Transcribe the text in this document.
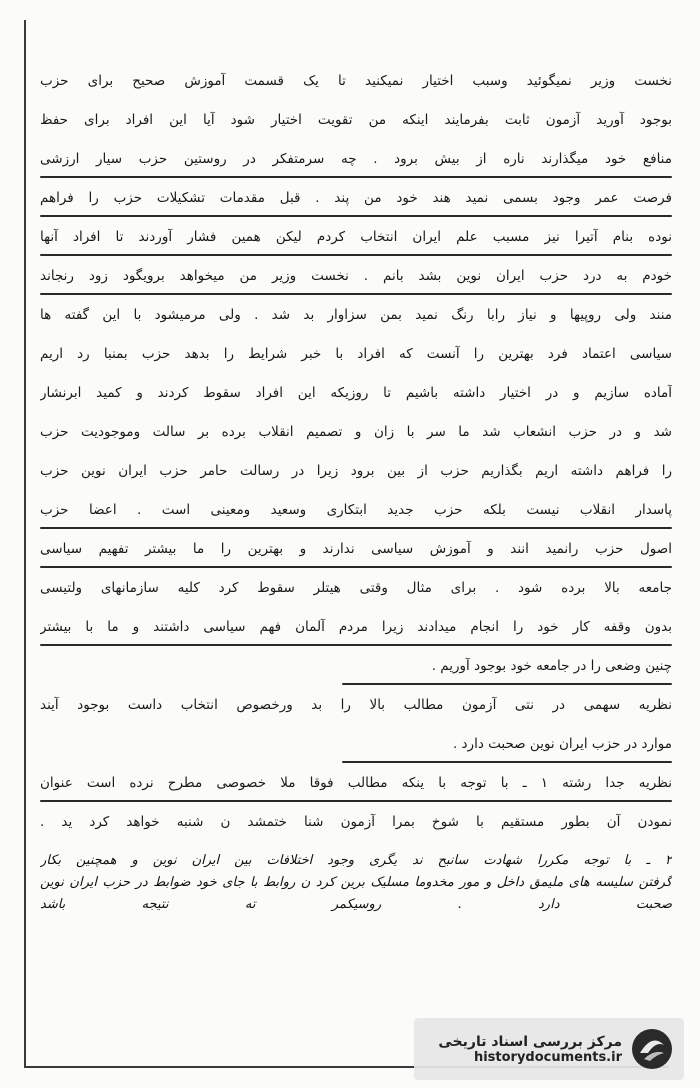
نخست وزیر نمیگوئید وسبب اختیار نمیکنید تا یک قسمت آموزش صحیح برای حزب
بوجود آورید آزمون ثابت بفرمایند اینکه من تقویت اختیار شود آیا این افراد برای حفظ
منافع خود میگذارند ناره از بیش برود . چه سرمتفکر در روستین حزب سیار ارزشی
فرصت عمر وجود بسمی نمید هند خود من پند . قبل مقدمات تشکیلات حزب را فراهم
نوده بنام آتیرا نیز مسبب علم ایران انتخاب کردم لیکن همین فشار آوردند تا افراد آنها
خودم به درد حزب ایران نوین بشد بانم . نخست وزیر من میخواهد برویگود زود رنجاند
منند ولی روپیها و نیاز رابا رنگ نمید بمن سزاوار بد شد . ولی مرمیشود با این گفته ها
سیاسی اعتماد فرد بهترین را آنست که افراد با خبر شرایط را بدهد حزب بمنبا رد اریم
آماده سازیم و در اختیار داشته باشیم تا روزیکه این افراد سقوط کردند و کمید ابرنشار
شد و در حزب انشعاب شد ما سر با زان و تصمیم انقلاب برده بر سالت وموجودیت حزب
را فراهم داشته اریم بگذاریم حزب از بین برود زیرا در رسالت حامر حزب ایران نوین حزب
پاسدار انقلاب نیست بلکه حزب جدید ابتکاری وسعید ومعینی است . اعضا حزب
اصول حزب رانمید انند و آموزش سیاسی ندارند و بهترین را ما بیشتر تفهیم سیاسی
جامعه بالا برده شود . برای مثال وقتی هیتلر سقوط کرد کلیه سازمانهای ولتیسی
بدون وقفه کار خود را انجام میدادند زیرا مردم آلمان فهم سیاسی داشتند و ما با بیشتر
چنین وضعی را در جامعه خود بوجود آوریم .
نظریه سهمی در نتی آزمون مطالب بالا را بد ورخصوص انتخاب داست بوجود آیند
موارد در حزب ایران نوین صحبت دارد .
نظریه جدا رشته ۱ ـ با توجه با ینکه مطالب فوقا ملا خصوصی مطرح نرده است عنوان
نمودن آن بطور مستقیم با شوخ بمرا آزمون شنا ختمشد ن شنبه خواهد کرد ید .
۲ ـ با توجه مکررا شهادت سانبح ند یگری وجود اختلافات بین ایران نوین و همچنین بکار
گرفتن سلیسه های ملیمق داخل و مور مخدوما مسلیک برین کرد ن روابط با جای خود ضوابط در حزب ایران نوین
صحبت دارد . روسیکمر ته نتیجه باشد
مرکز بررسی اسناد تاریخی
historydocuments.ir
